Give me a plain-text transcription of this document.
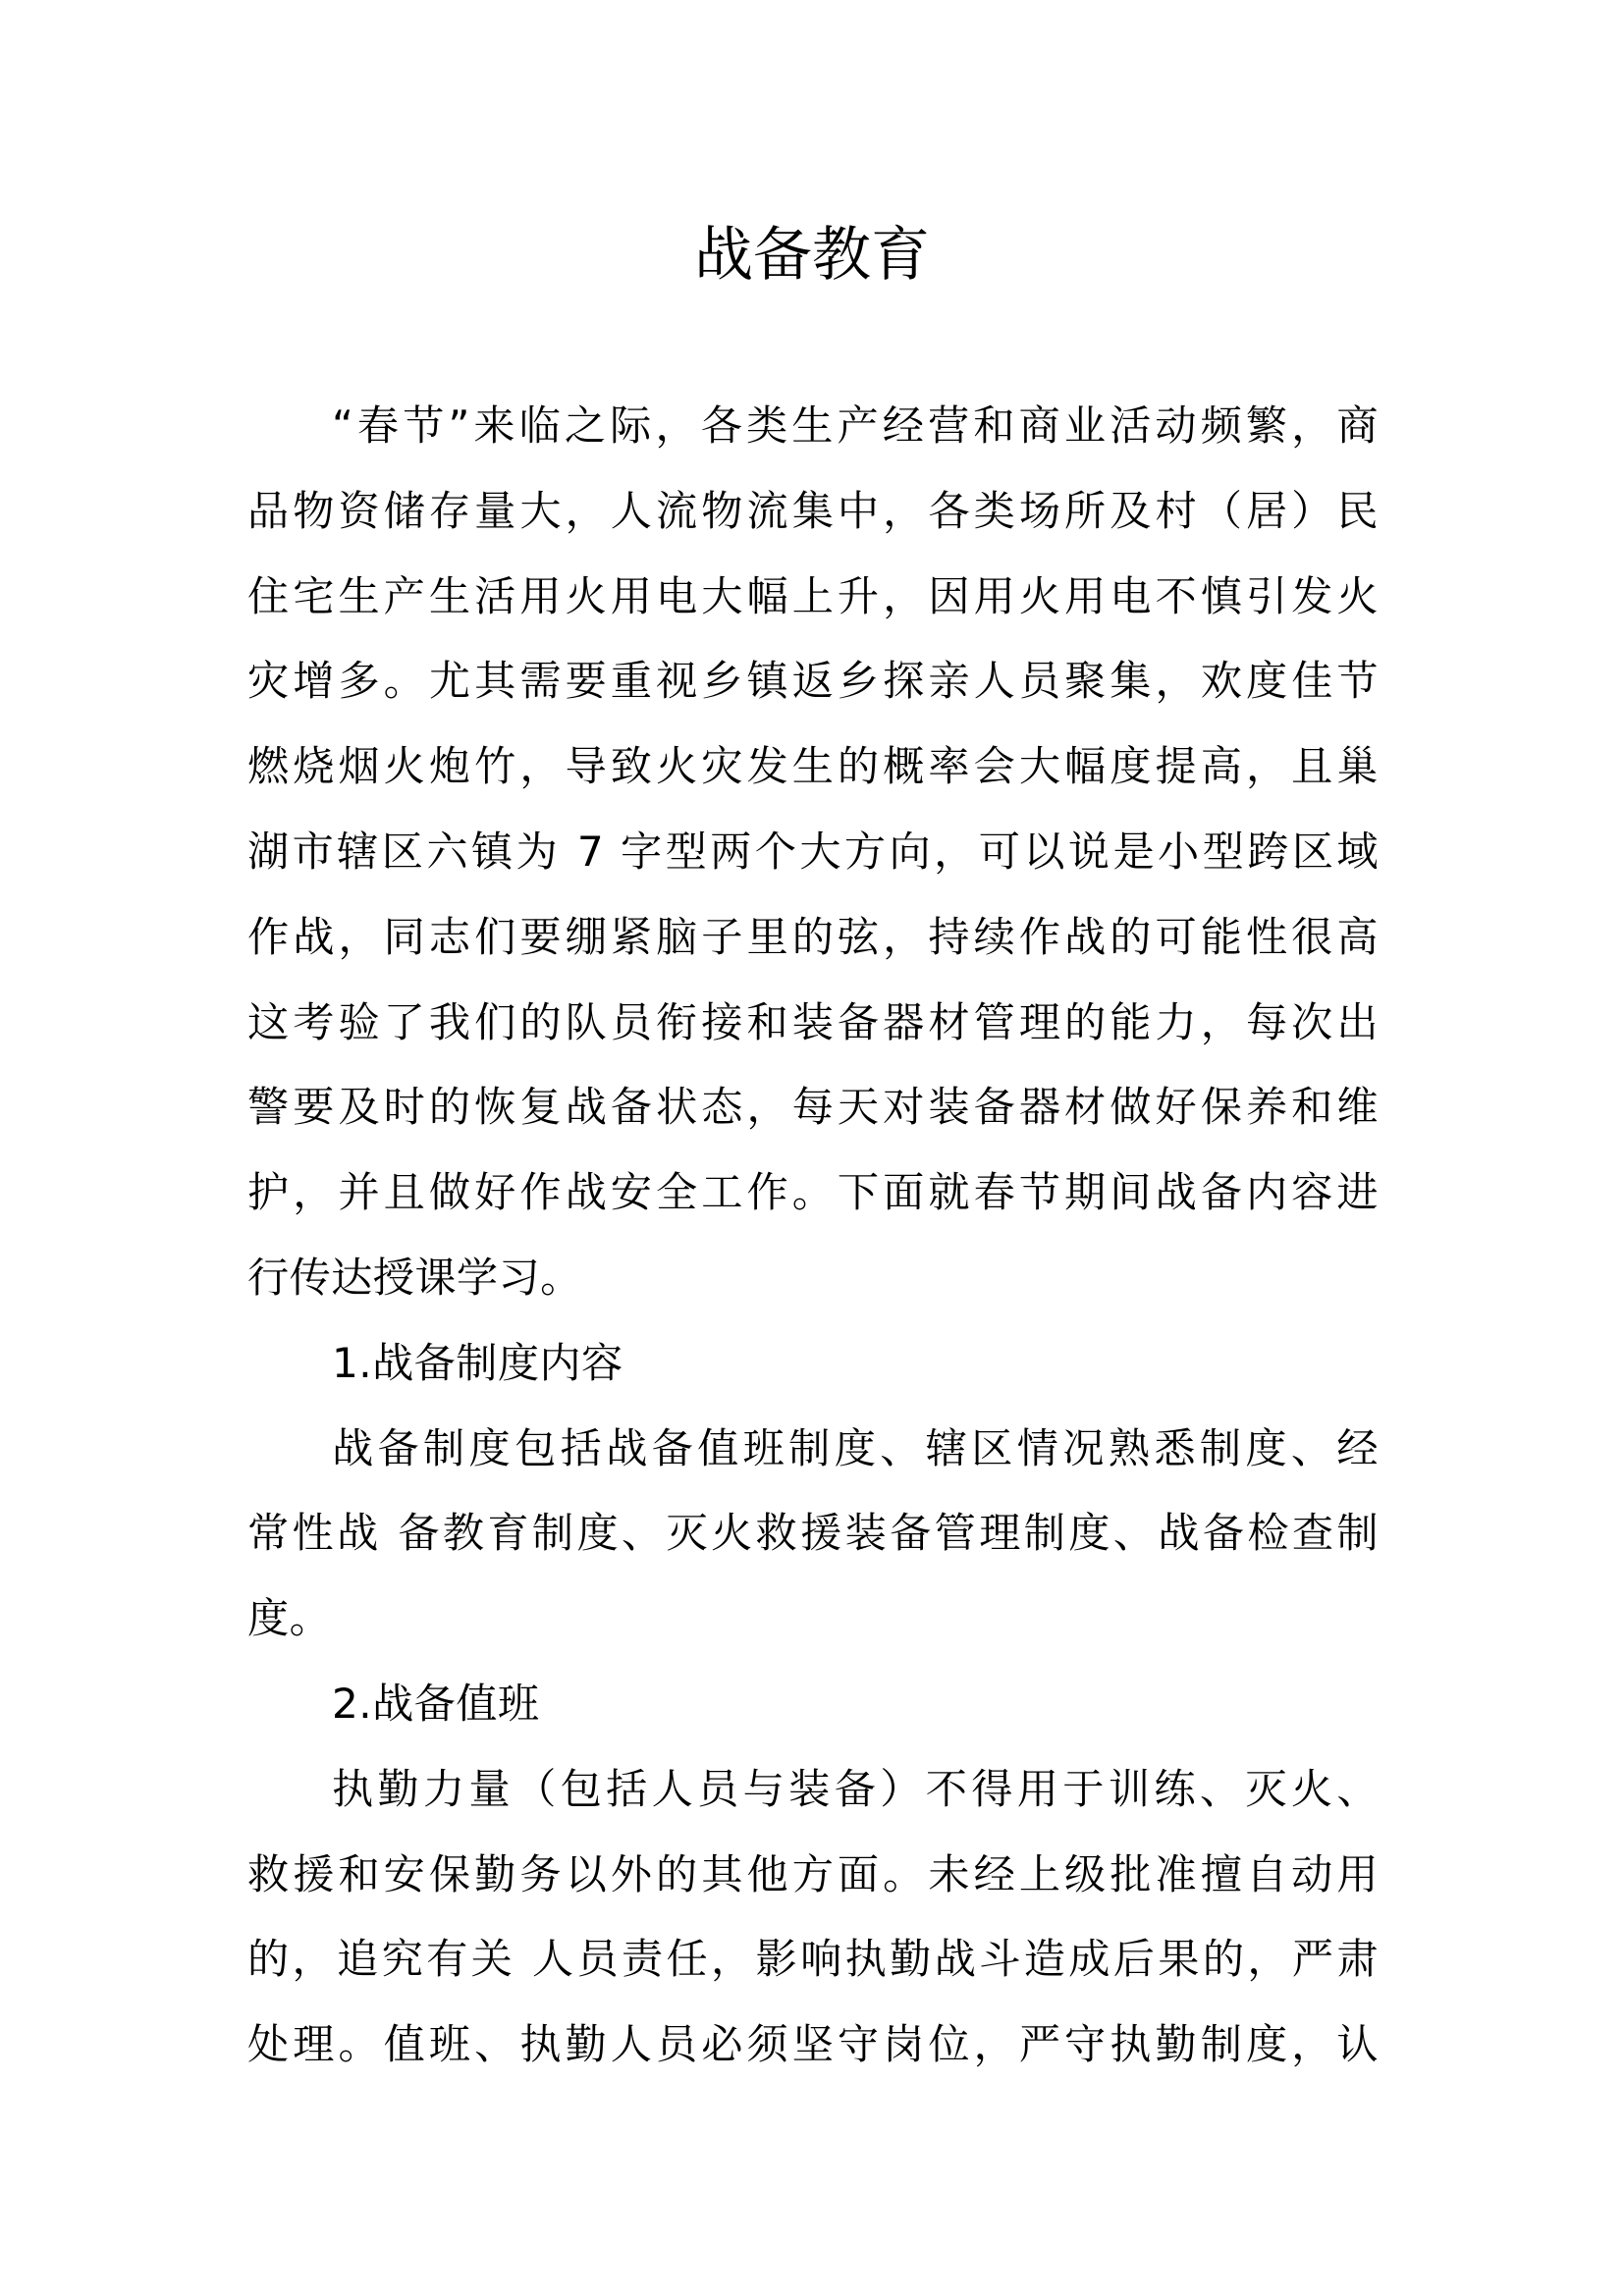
战备教育
“春节”来临之际，各类生产经营和商业活动频繁，商
品物资储存量大，人流物流集中，各类场所及村（居）民
住宅生产生活用火用电大幅上升，因用火用电不慎引发火
灾增多。尤其需要重视乡镇返乡探亲人员聚集，欢度佳节
燃烧烟火炮竹，导致火灾发生的概率会大幅度提高，且巢
湖市辖区六镇为 7 字型两个大方向，可以说是小型跨区域
作战，同志们要绷紧脑子里的弦，持续作战的可能性很高
这考验了我们的队员衔接和装备器材管理的能力，每次出
警要及时的恢复战备状态，每天对装备器材做好保养和维
护，并且做好作战安全工作。下面就春节期间战备内容进
行传达授课学习。
1.战备制度内容
战备制度包括战备值班制度、辖区情况熟悉制度、经
常性战 备教育制度、灭火救援装备管理制度、战备检查制
度。
2.战备值班
执勤力量（包括人员与装备）不得用于训练、灭火、
救援和安保勤务以外的其他方面。未经上级批准擅自动用
的，追究有关 人员责任，影响执勤战斗造成后果的，严肃
处理。值班、执勤人员必须坚守岗位，严守执勤制度，认
